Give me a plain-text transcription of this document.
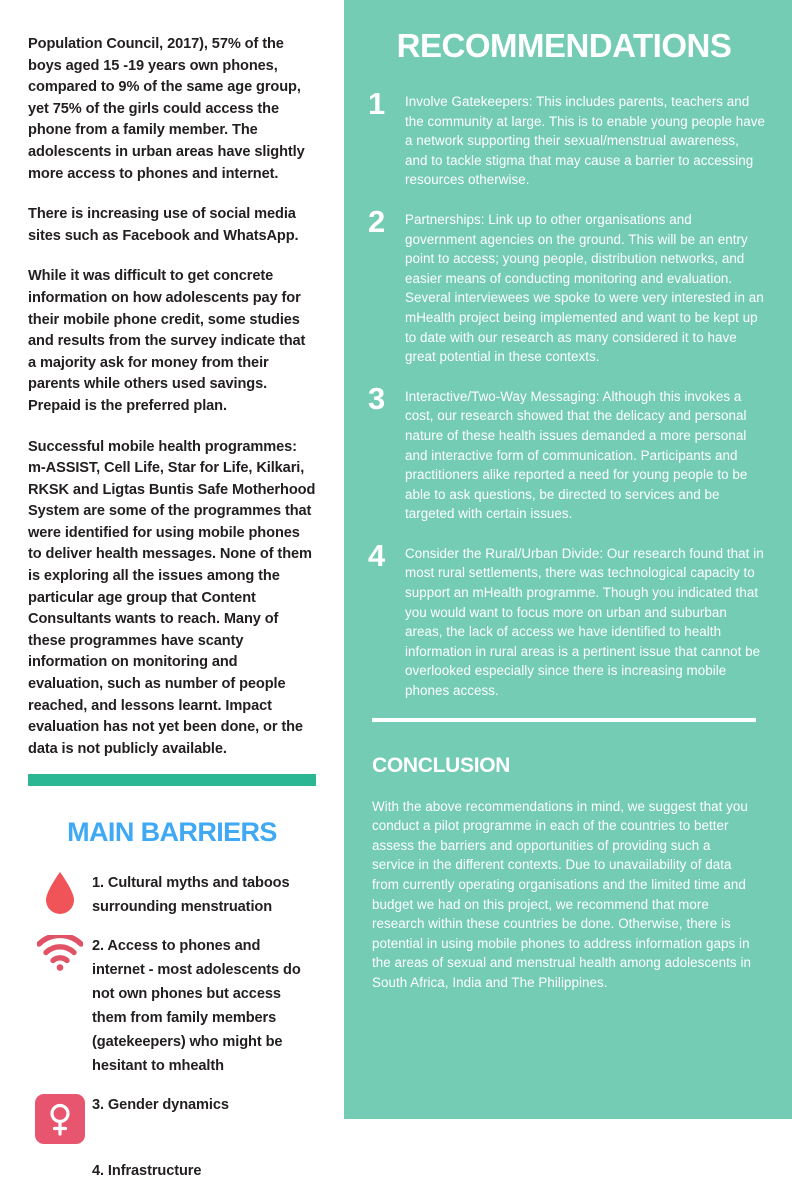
Population Council, 2017), 57% of the boys aged 15 -19 years own phones, compared to 9% of the same age group, yet 75% of the girls could access the phone from a family member. The adolescents in urban areas have slightly more access to phones and internet.

There is increasing use of social media sites such as Facebook and WhatsApp.

While it was difficult to get concrete information on how adolescents pay for their mobile phone credit, some studies and results from the survey indicate that a majority ask for money from their parents while others used savings. Prepaid is the preferred plan.

Successful mobile health programmes: m-ASSIST, Cell Life, Star for Life, Kilkari, RKSK and Ligtas Buntis Safe Motherhood System are some of the programmes that were identified for using mobile phones to deliver health messages. None of them is exploring all the issues among the particular age group that Content Consultants wants to reach. Many of these programmes have scanty information on monitoring and evaluation, such as number of people reached, and lessons learnt. Impact evaluation has not yet been done, or the data is not publicly available.

MAIN BARRIERS
1. Cultural myths and taboos surrounding menstruation
2. Access to phones and internet - most adolescents do not own phones but access them from family members (gatekeepers) who might be hesitant to mhealth
3. Gender dynamics
4. Infrastructure
RECOMMENDATIONS
1	Involve Gatekeepers: This includes parents, teachers and the community at large. This is to enable young people have a network supporting their sexual/menstrual awareness, and to tackle stigma that may cause a barrier to accessing resources otherwise.
2	Partnerships: Link up to other organisations and government agencies on the ground. This will be an entry point to access; young people, distribution networks, and easier means of conducting monitoring and evaluation. Several interviewees we spoke to were very interested in an mHealth project being implemented and want to be kept up to date with our research as many considered it to have great potential in these contexts.
3	Interactive/Two-Way Messaging: Although this invokes a cost, our research showed that the delicacy and personal nature of these health issues demanded a more personal and interactive form of communication. Participants and practitioners alike reported a need for young people to be able to ask questions, be directed to services and be targeted with certain issues.
4	Consider the Rural/Urban Divide: Our research found that in most rural settlements, there was technological capacity to support an mHealth programme. Though you indicated that you would want to focus more on urban and suburban areas, the lack of access we have identified to health information in rural areas is a pertinent issue that cannot be overlooked especially since there is increasing mobile phones access.
CONCLUSION

With the above recommendations in mind, we suggest that you conduct a pilot programme in each of the countries to better assess the barriers and opportunities of providing such a service in the different contexts. Due to unavailability of data from currently operating organisations and the limited time and budget we had on this project, we recommend that more research within these countries be done. Otherwise, there is potential in using mobile phones to address information gaps in the areas of sexual and menstrual health among adolescents in South Africa, India and The Philippines.
